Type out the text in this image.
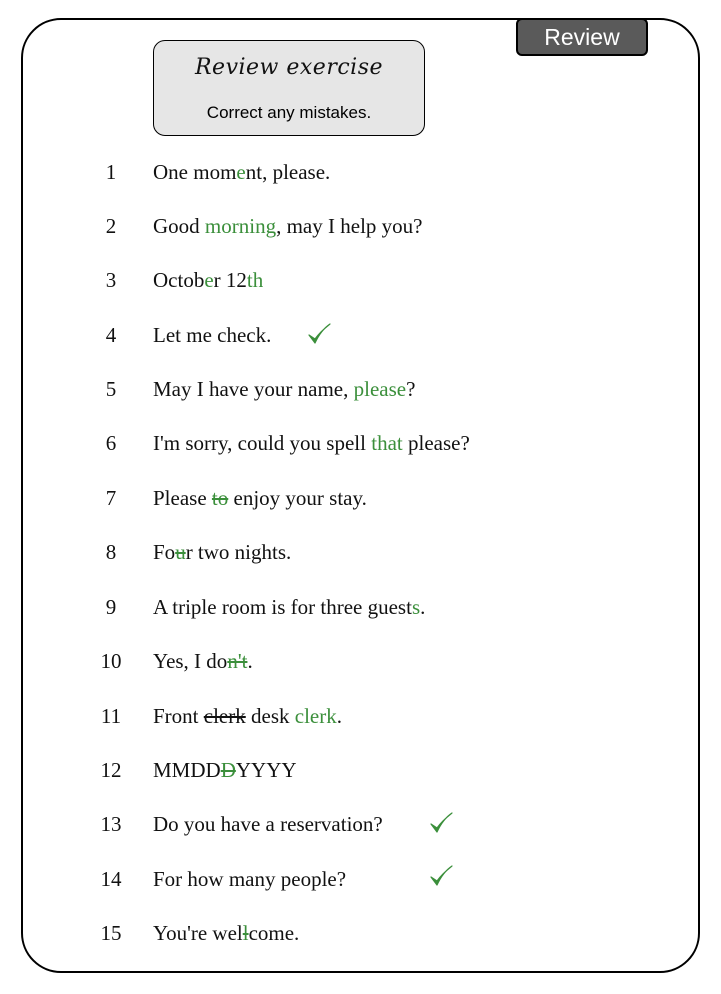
Review
Review exercise
Correct any mistakes.
1	One moment, please.
2	Good morning, may I help you?
3	October 12th
4	Let me check.
5	May I have your name, please?
6	I'm sorry, could you spell that please?
7	Please to enjoy your stay.
8	Four two nights.
9	A triple room is for three guests.
10 Yes, I don't.
11 Front clerk desk clerk.
12 MMDDDYYYY
13 Do you have a reservation?
14 For how many people?
15 You're wellcome.
